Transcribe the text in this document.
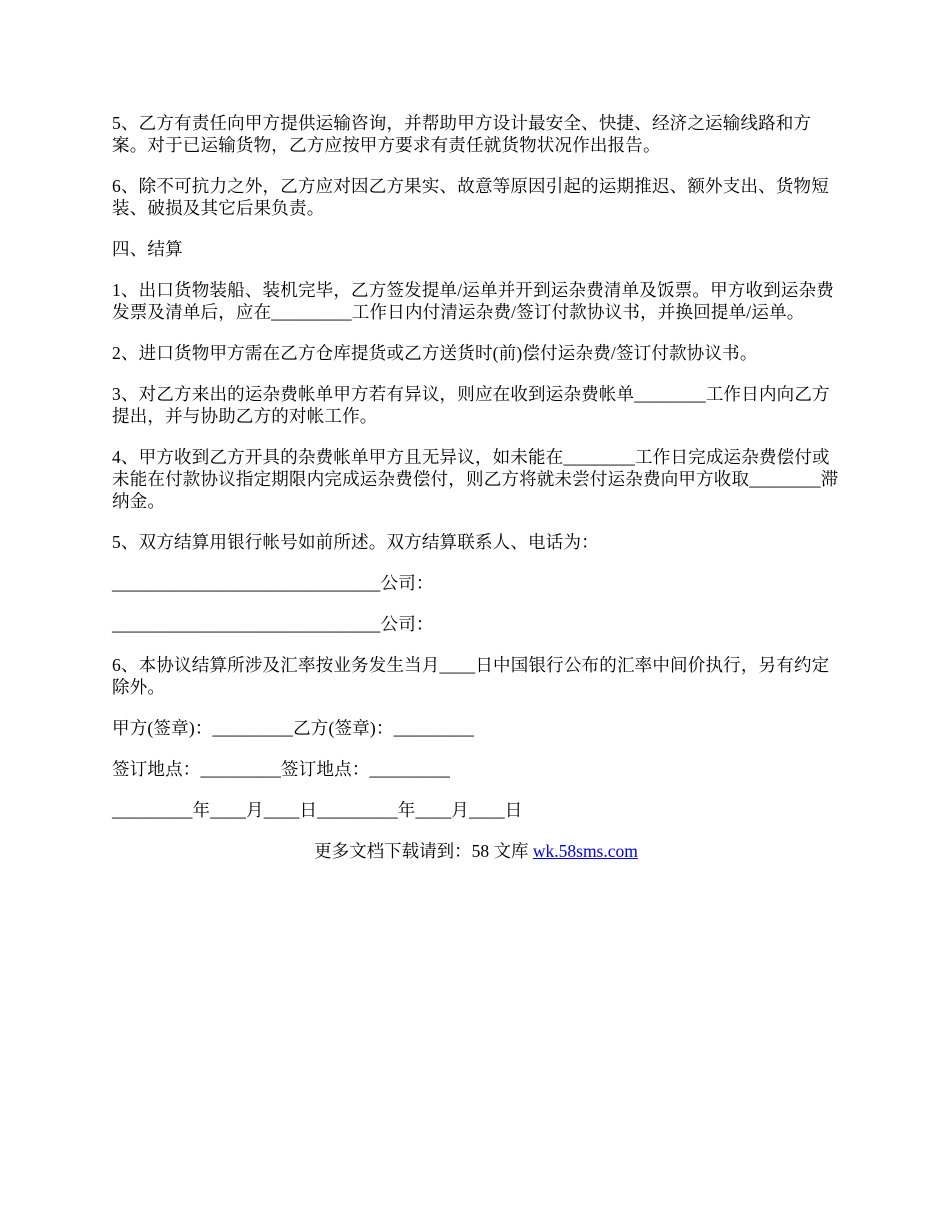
5、乙方有责任向甲方提供运输咨询，并帮助甲方设计最安全、快捷、经济之运输线路和方案。对于已运输货物，乙方应按甲方要求有责任就货物状况作出报告。

6、除不可抗力之外，乙方应对因乙方果实、故意等原因引起的运期推迟、额外支出、货物短装、破损及其它后果负责。

四、结算

1、出口货物装船、装机完毕，乙方签发提单/运单并开到运杂费清单及饭票。甲方收到运杂费发票及清单后，应在_________工作日内付清运杂费/签订付款协议书，并换回提单/运单。

2、进口货物甲方需在乙方仓库提货或乙方送货时(前)偿付运杂费/签订付款协议书。

3、对乙方来出的运杂费帐单甲方若有异议，则应在收到运杂费帐单________工作日内向乙方提出，并与协助乙方的对帐工作。

4、甲方收到乙方开具的杂费帐单甲方且无异议，如未能在________工作日完成运杂费偿付或未能在付款协议指定期限内完成运杂费偿付，则乙方将就未尝付运杂费向甲方收取________滞纳金。

5、双方结算用银行帐号如前所述。双方结算联系人、电话为：

______________________________公司：

______________________________公司：

6、本协议结算所涉及汇率按业务发生当月____日中国银行公布的汇率中间价执行，另有约定除外。

甲方(签章)：_________乙方(签章)：_________

签订地点：_________签订地点：_________

_________年____月____日_________年____月____日

更多文档下载请到：58 文库 wk.58sms.com
